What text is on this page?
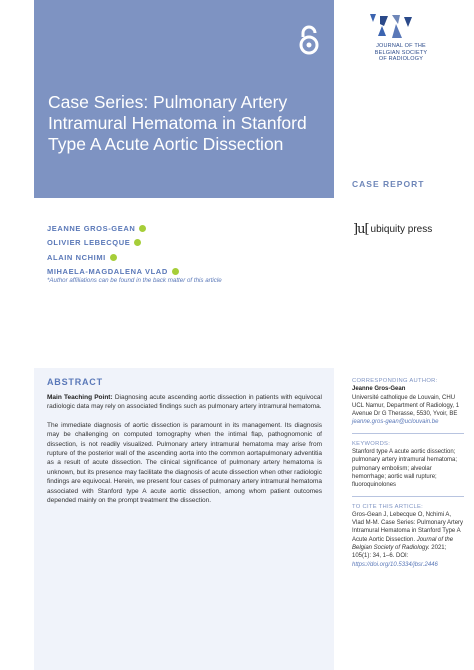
Case Series: Pulmonary Artery Intramural Hematoma in Stanford Type A Acute Aortic Dissection
JOURNAL OF THE
BELGIAN SOCIETY
OF RADIOLOGY
CASE REPORT
]u[ ubiquity press
JEANNE GROS-GEAN
OLIVIER LEBECQUE
ALAIN NCHIMI
MIHAELA-MAGDALENA VLAD
*Author affiliations can be found in the back matter of this article
ABSTRACT

Main Teaching Point: Diagnosing acute ascending aortic dissection in patients with equivocal radiologic data may rely on associated findings such as pulmonary artery intramural hematoma.

The immediate diagnosis of aortic dissection is paramount in its management. Its diagnosis may be challenging on computed tomography when the intimal flap, pathognomonic of dissection, is not readily visualized. Pulmonary artery intramural hematoma may arise from rupture of the posterior wall of the ascending aorta into the common aortapulmonary adventitia as a result of acute dissection. The clinical significance of pulmonary artery hematoma is unknown, but its presence may facilitate the diagnosis of acute dissection when other radiologic findings are equivocal. Herein, we present four cases of pulmonary artery intramural hematoma associated with Stanford type A acute aortic dissection, among whom patient outcomes depended mainly on the prompt treatment the dissection.

CORRESPONDING AUTHOR:
Jeanne Gros-Gean
Université catholique de Louvain, CHU UCL Namur, Department of Radiology, 1 Avenue Dr G Therasse, 5530, Yvoir, BE
jeanne.gros-gean@uclouvain.be
KEYWORDS:
Stanford type A acute aortic dissection; pulmonary artery intramural hematoma; pulmonary embolism; alveolar hemorrhage; aortic wall rupture; fluoroquinolones
TO CITE THIS ARTICLE:
Gros-Gean J, Lebecque O, Nchimi A, Vlad M-M. Case Series: Pulmonary Artery Intramural Hematoma in Stanford Type A Acute Aortic Dissection. Journal of the Belgian Society of Radiology. 2021; 105(1): 34, 1–6. DOI: https://doi.org/10.5334/jbsr.2446
